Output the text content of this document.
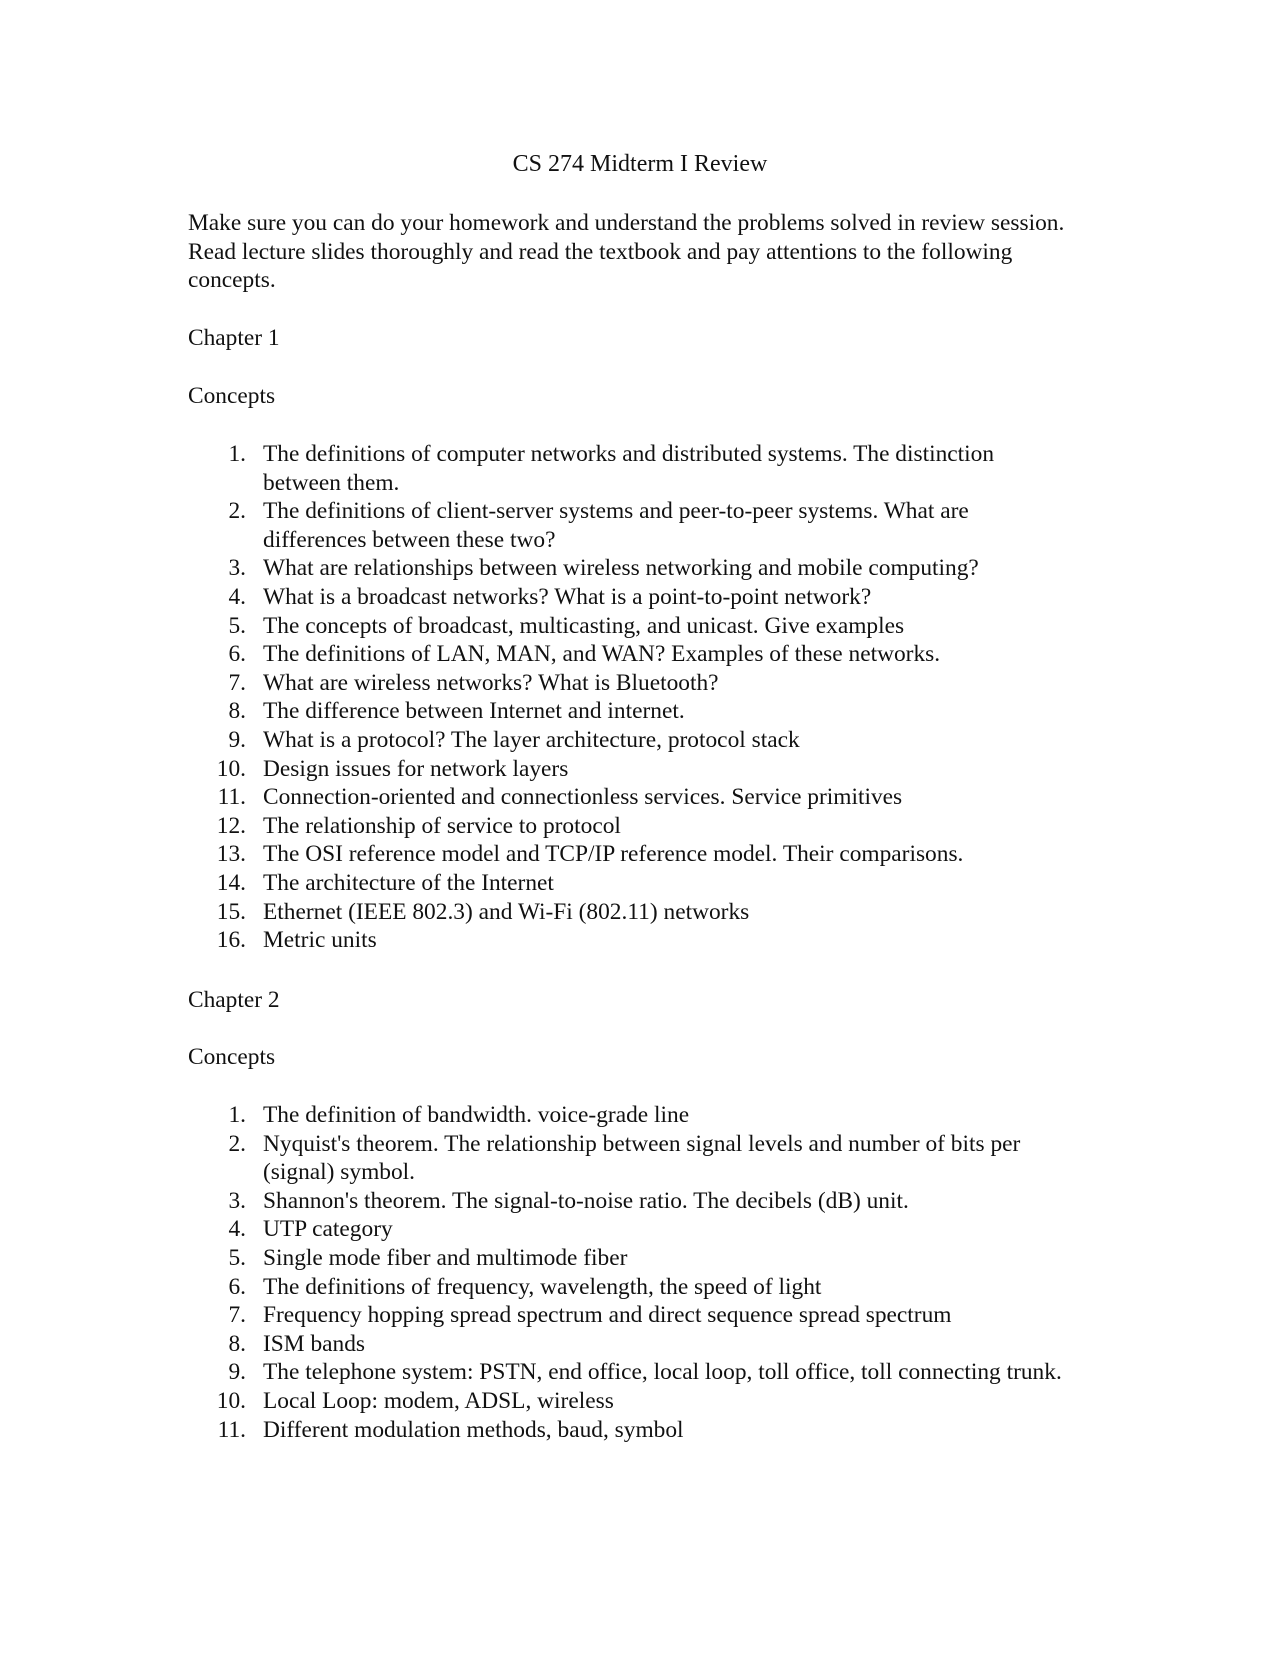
CS 274 Midterm I Review

Make sure you can do your homework and understand the problems solved in review session. Read lecture slides thoroughly and read the textbook and pay attentions to the following concepts.

Chapter 1
Concepts
1. The definitions of computer networks and distributed systems. The distinction between them.
2. The definitions of client-server systems and peer-to-peer systems. What are differences between these two?
3. What are relationships between wireless networking and mobile computing?
4. What is a broadcast networks? What is a point-to-point network?
5. The concepts of broadcast, multicasting, and unicast. Give examples
6. The definitions of LAN, MAN, and WAN? Examples of these networks.
7. What are wireless networks? What is Bluetooth?
8. The difference between Internet and internet.
9. What is a protocol? The layer architecture, protocol stack
10. Design issues for network layers
11. Connection-oriented and connectionless services. Service primitives
12. The relationship of service to protocol
13. The OSI reference model and TCP/IP reference model. Their comparisons.
14. The architecture of the Internet
15. Ethernet (IEEE 802.3) and Wi-Fi (802.11) networks
16. Metric units
Chapter 2
Concepts
1. The definition of bandwidth. voice-grade line
2. Nyquist's theorem. The relationship between signal levels and number of bits per (signal) symbol.
3. Shannon's theorem. The signal-to-noise ratio. The decibels (dB) unit.
4. UTP category
5. Single mode fiber and multimode fiber
6. The definitions of frequency, wavelength, the speed of light
7. Frequency hopping spread spectrum and direct sequence spread spectrum
8. ISM bands
9. The telephone system: PSTN, end office, local loop, toll office, toll connecting trunk.
10. Local Loop: modem, ADSL, wireless
11. Different modulation methods, baud, symbol
